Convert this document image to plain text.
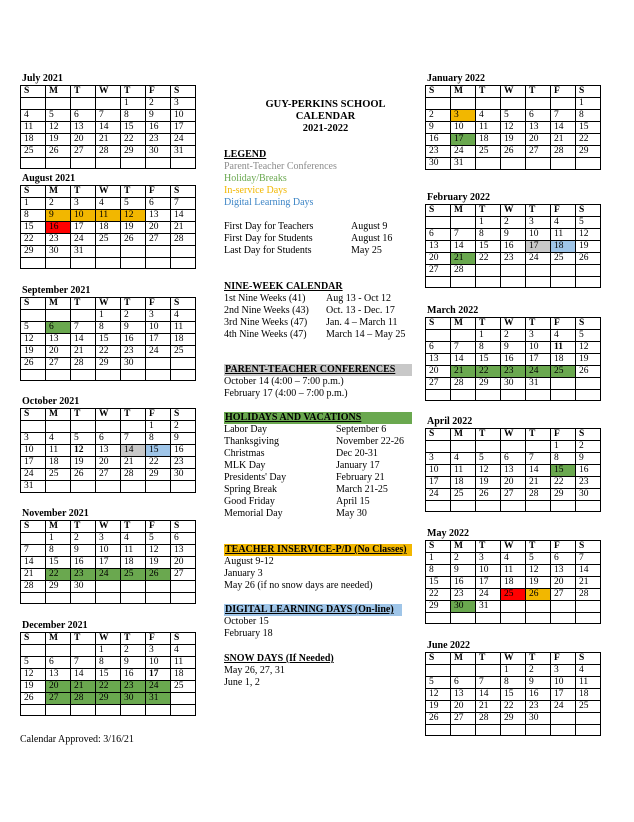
July 2021
S	M	T	W	T	F	S
				1	2	3
4	5	6	7	8	9	10
11	12	13	14	15	16	17
18	19	20	21	22	23	24
25	26	27	28	29	30	31

August 2021
S	M	T	W	T	F	S
1	2	3	4	5	6	7
8	9	10	11	12	13	14
15	16	17	18	19	20	21
22	23	24	25	26	27	28
29	30	31				

September 2021
S	M	T	W	T	F	S
			1	2	3	4
5	6	7	8	9	10	11
12	13	14	15	16	17	18
19	20	21	22	23	24	25
26	27	28	29	30		

October 2021
S	M	T	W	T	F	S
					1	2
3	4	5	6	7	8	9
10	11	12	13	14	15	16
17	18	19	20	21	22	23
24	25	26	27	28	29	30
31						
November 2021
S	M	T	W	T	F	S
	1	2	3	4	5	6
7	8	9	10	11	12	13
14	15	16	17	18	19	20
21	22	23	24	25	26	27
28	29	30				

December 2021
S	M	T	W	T	F	S
			1	2	3	4
5	6	7	8	9	10	11
12	13	14	15	16	17	18
19	20	21	22	23	24	25
26	27	28	29	30	31	

January 2022
S	M	T	W	T	F	S
						1
2	3	4	5	6	7	8
9	10	11	12	13	14	15
16	17	18	19	20	21	22
23	24	25	26	27	28	29
30	31					
February 2022
S	M	T	W	T	F	S
		1	2	3	4	5
6	7	8	9	10	11	12
13	14	15	16	17	18	19
20	21	22	23	24	25	26
27	28					

March 2022
S	M	T	W	T	F	S
		1	2	3	4	5
6	7	8	9	10	11	12
13	14	15	16	17	18	19
20	21	22	23	24	25	26
27	28	29	30	31		

April 2022
S	M	T	W	T	F	S
					1	2
3	4	5	6	7	8	9
10	11	12	13	14	15	16
17	18	19	20	21	22	23
24	25	26	27	28	29	30

May 2022
S	M	T	W	T	F	S
1	2	3	4	5	6	7
8	9	10	11	12	13	14
15	16	17	18	19	20	21
22	23	24	25	26	27	28
29	30	31				

June 2022
S	M	T	W	T	F	S
			1	2	3	4
5	6	7	8	9	10	11
12	13	14	15	16	17	18
19	20	21	22	23	24	25
26	27	28	29	30		

GUY-PERKINS SCHOOL
CALENDAR
2021-2022
LEGEND
Parent-Teacher Conferences
Holiday/Breaks
In-service Days
Digital Learning Days
First Day for Teachers	August 9
First Day for Students	August 16
Last Day for Students	May 25
NINE-WEEK CALENDAR
1st Nine Weeks (41)	Aug 13 - Oct 12
2nd Nine Weeks (43)	Oct. 13 - Dec. 17
3rd Nine Weeks (47)	Jan. 4 – March 11
4th Nine Weeks (47)	March 14 – May 25
PARENT-TEACHER CONFERENCES
October 14 (4:00 – 7:00 p.m.)
February 17 (4:00 – 7:00 p.m.)
HOLIDAYS AND VACATIONS
Labor Day	September 6
Thanksgiving	November 22-26
Christmas	Dec 20-31
MLK Day	January 17
Presidents' Day	February 21
Spring Break	March 21-25
Good Friday	April 15
Memorial Day	May 30
TEACHER INSERVICE-P/D (No Classes)
August 9-12
January 3
May 26 (if no snow days are needed)
DIGITAL LEARNING DAYS (On-line)
October 15
February 18
SNOW DAYS (If Needed)
May 26, 27, 31
June 1, 2
Calendar Approved: 3/16/21
